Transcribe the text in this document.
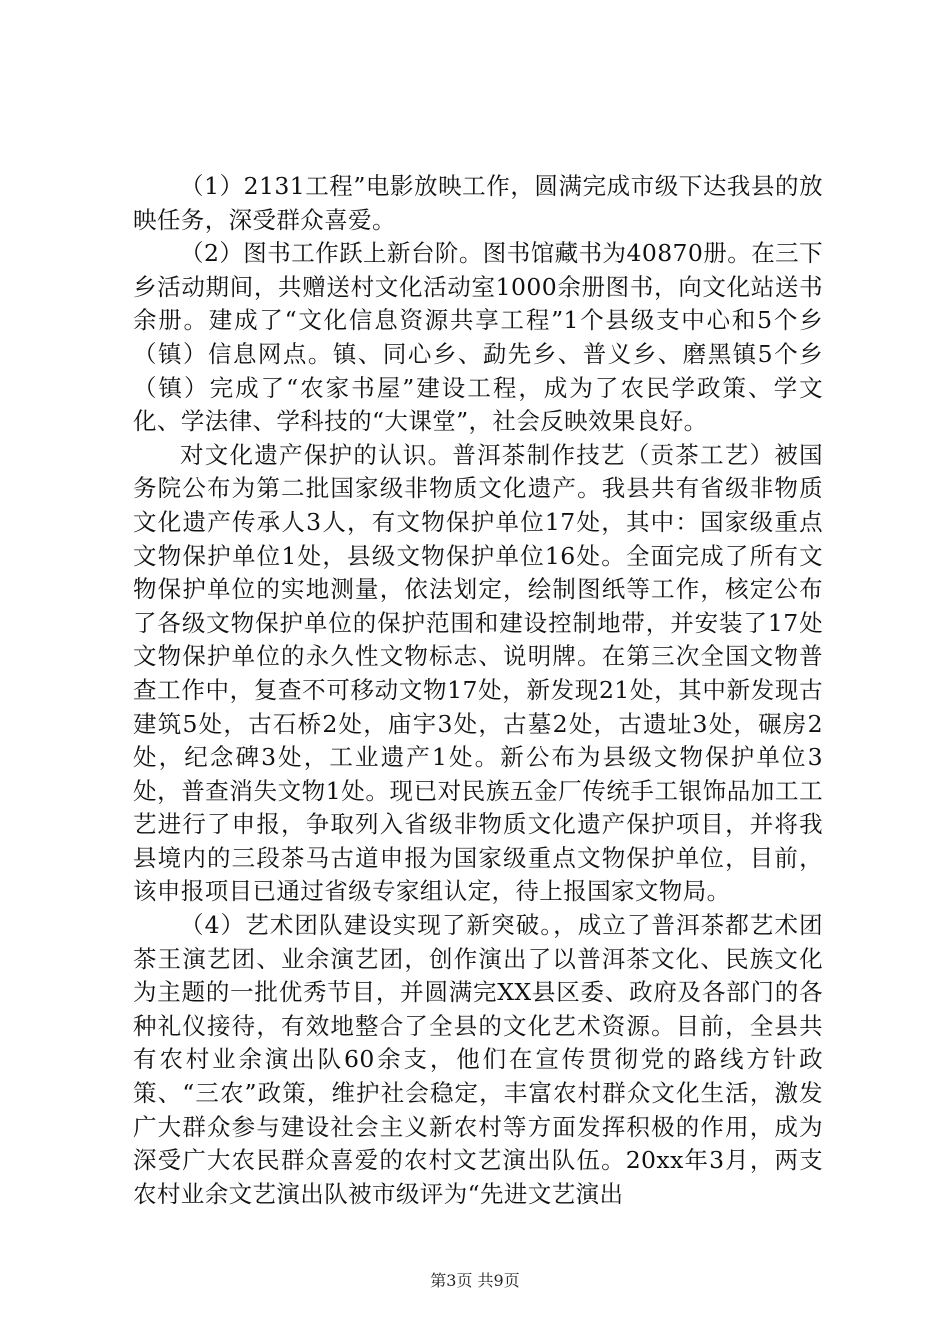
（1）2131工程”电影放映工作，圆满完成市级下达我县的放映任务，深受群众喜爱。

（2）图书工作跃上新台阶。图书馆藏书为40870册。在三下乡活动期间，共赠送村文化活动室1000余册图书，向文化站送书余册。建成了“文化信息资源共享工程”1个县级支中心和5个乡（镇）信息网点。镇、同心乡、勐先乡、普义乡、磨黑镇5个乡（镇）完成了“农家书屋”建设工程，成为了农民学政策、学文化、学法律、学科技的“大课堂”，社会反映效果良好。

对文化遗产保护的认识。普洱茶制作技艺（贡茶工艺）被国务院公布为第二批国家级非物质文化遗产。我县共有省级非物质文化遗产传承人3人，有文物保护单位17处，其中：国家级重点文物保护单位1处，县级文物保护单位16处。全面完成了所有文物保护单位的实地测量，依法划定，绘制图纸等工作，核定公布了各级文物保护单位的保护范围和建设控制地带，并安装了17处文物保护单位的永久性文物标志、说明牌。在第三次全国文物普查工作中，复查不可移动文物17处，新发现21处，其中新发现古建筑5处，古石桥2处，庙宇3处，古墓2处，古遗址3处，碾房2处，纪念碑3处，工业遗产1处。新公布为县级文物保护单位3处，普查消失文物1处。现已对民族五金厂传统手工银饰品加工工艺进行了申报，争取列入省级非物质文化遗产保护项目，并将我县境内的三段茶马古道申报为国家级重点文物保护单位，目前，该申报项目已通过省级专家组认定，待上报国家文物局。

（4）艺术团队建设实现了新突破。，成立了普洱茶都艺术团茶王演艺团、业余演艺团，创作演出了以普洱茶文化、民族文化为主题的一批优秀节目，并圆满完XX县区委、政府及各部门的各种礼仪接待，有效地整合了全县的文化艺术资源。目前，全县共有农村业余演出队60余支，他们在宣传贯彻党的路线方针政策、“三农”政策，维护社会稳定，丰富农村群众文化生活，激发广大群众参与建设社会主义新农村等方面发挥积极的作用，成为深受广大农民群众喜爱的农村文艺演出队伍。20xx年3月，两支农村业余文艺演出队被市级评为“先进文艺演出

第3页 共9页
